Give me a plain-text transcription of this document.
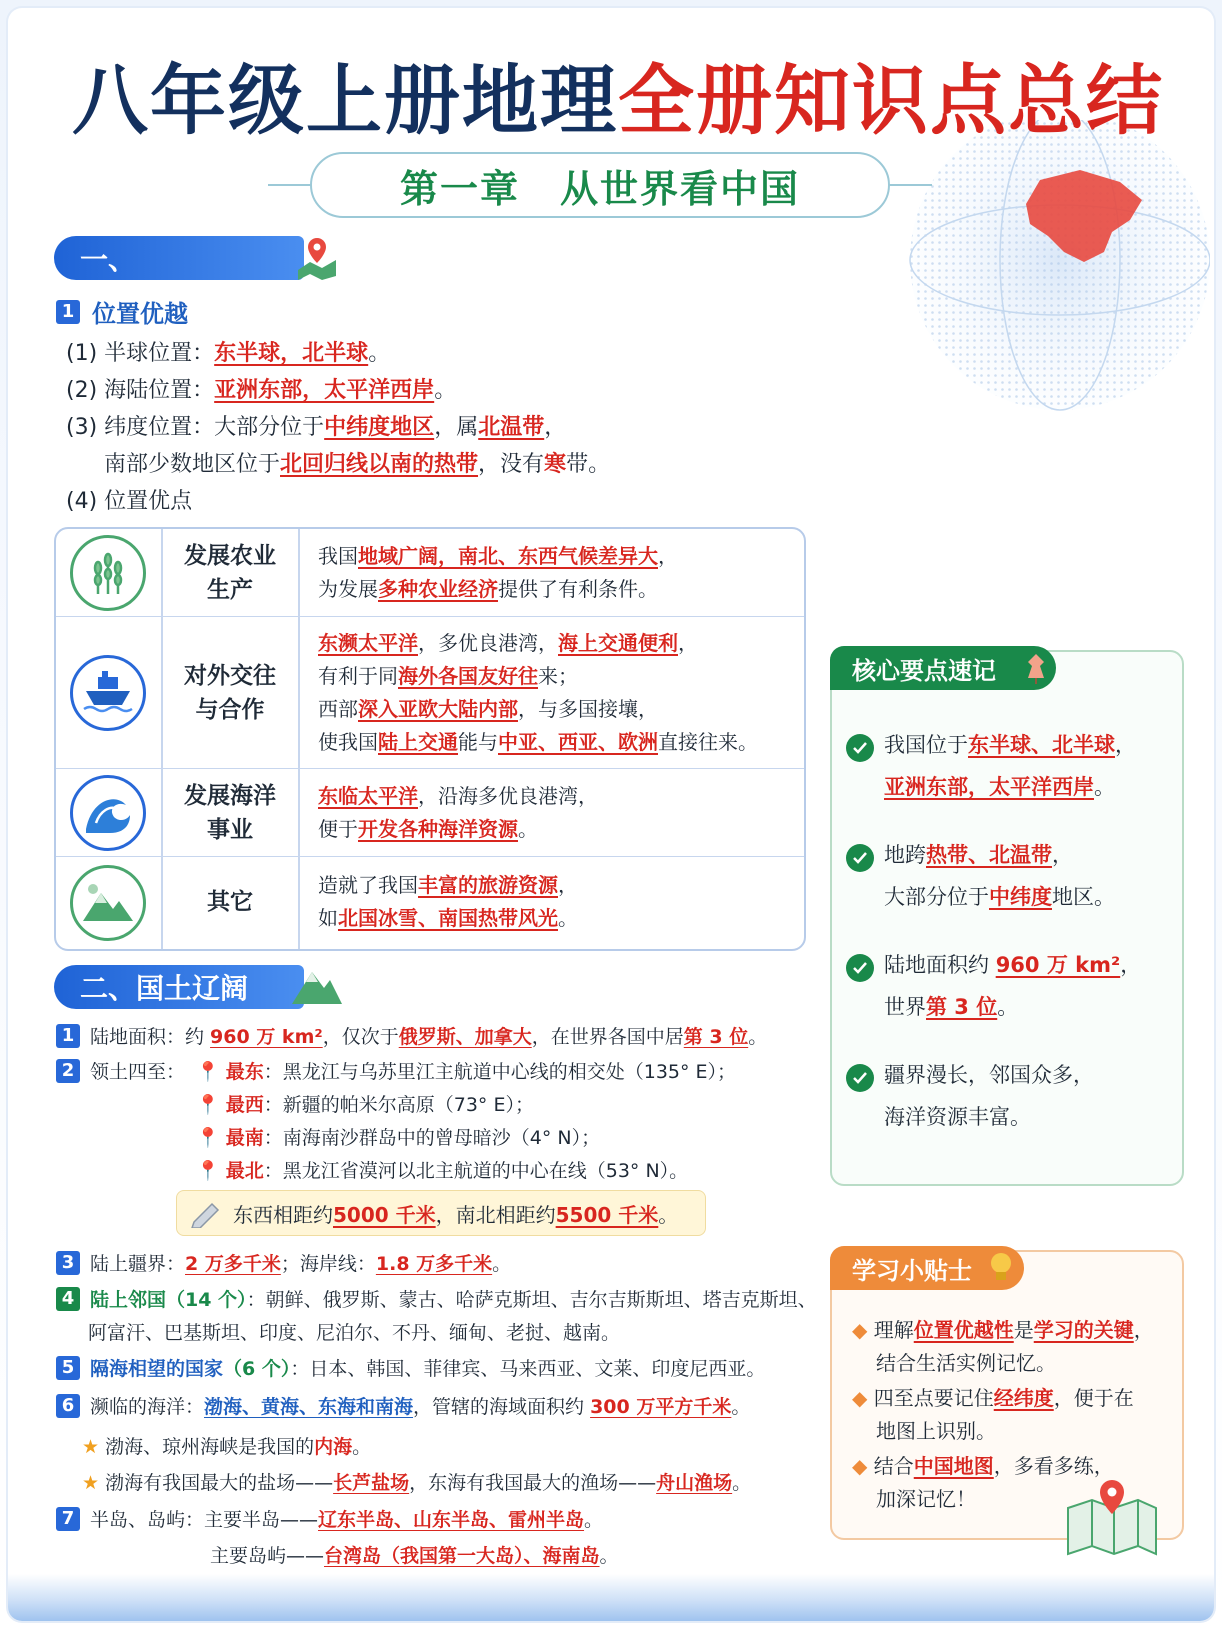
八年级上册地理全册知识点总结
第一章　从世界看中国
一、
1 位置优越
(1) 半球位置：东半球，北半球。
(2) 海陆位置：亚洲东部，太平洋西岸。
(3) 纬度位置：大部分位于中纬度地区，属北温带，
南部少数地区位于北回归线以南的热带，没有寒带。
(4) 位置优点
发展农业
生产
我国地域广阔，南北、东西气候差异大，
为发展多种农业经济提供了有利条件。
对外交往
与合作
东濒太平洋，多优良港湾，海上交通便利，
有利于同海外各国友好往来；
西部深入亚欧大陆内部，与多国接壤，
使我国陆上交通能与中亚、西亚、欧洲直接往来。
发展海洋
事业
东临太平洋，沿海多优良港湾，
便于开发各种海洋资源。
其它
造就了我国丰富的旅游资源，
如北国冰雪、南国热带风光。
二、国土辽阔
1 陆地面积：约 960 万 km²，仅次于俄罗斯、加拿大，在世界各国中居第 3 位。
2 领土四至： 📍 最东：黑龙江与乌苏里江主航道中心线的相交处（135° E）；
📍 最西：新疆的帕米尔高原（73° E）；
📍 最南：南海南沙群岛中的曾母暗沙（4° N）；
📍 最北：黑龙江省漠河以北主航道的中心在线（53° N）。
东西相距约 5000 千米 ，南北相距约 5500 千米 。
3 陆上疆界：2 万多千米；海岸线：1.8 万多千米。
4 陆上邻国（14 个）：朝鲜、俄罗斯、蒙古、哈萨克斯坦、吉尔吉斯斯坦、塔吉克斯坦、
阿富汗、巴基斯坦、印度、尼泊尔、不丹、缅甸、老挝、越南。
5 隔海相望的国家（6 个）：日本、韩国、菲律宾、马来西亚、文莱、印度尼西亚。
6 濒临的海洋：渤海、黄海、东海和南海，管辖的海域面积约 300 万平方千米。
★ 渤海、琼州海峡是我国的内海。
★ 渤海有我国最大的盐场——长芦盐场，东海有我国最大的渔场——舟山渔场。
7 半岛、岛屿：主要半岛——辽东半岛、山东半岛、雷州半岛。
主要岛屿——台湾岛（我国第一大岛）、海南岛。
我国位于东半球、北半球，
亚洲东部，太平洋西岸。
地跨热带、北温带，
大部分位于中纬度地区。
陆地面积约 960 万 km²，
世界第 3 位。
疆界漫长，邻国众多，
海洋资源丰富。
核心要点速记
◆ 理解位置优越性是学习的关键，
结合生活实例记忆。
◆ 四至点要记住经纬度，便于在
地图上识别。
◆ 结合中国地图，多看多练，
加深记忆！
学习小贴士
